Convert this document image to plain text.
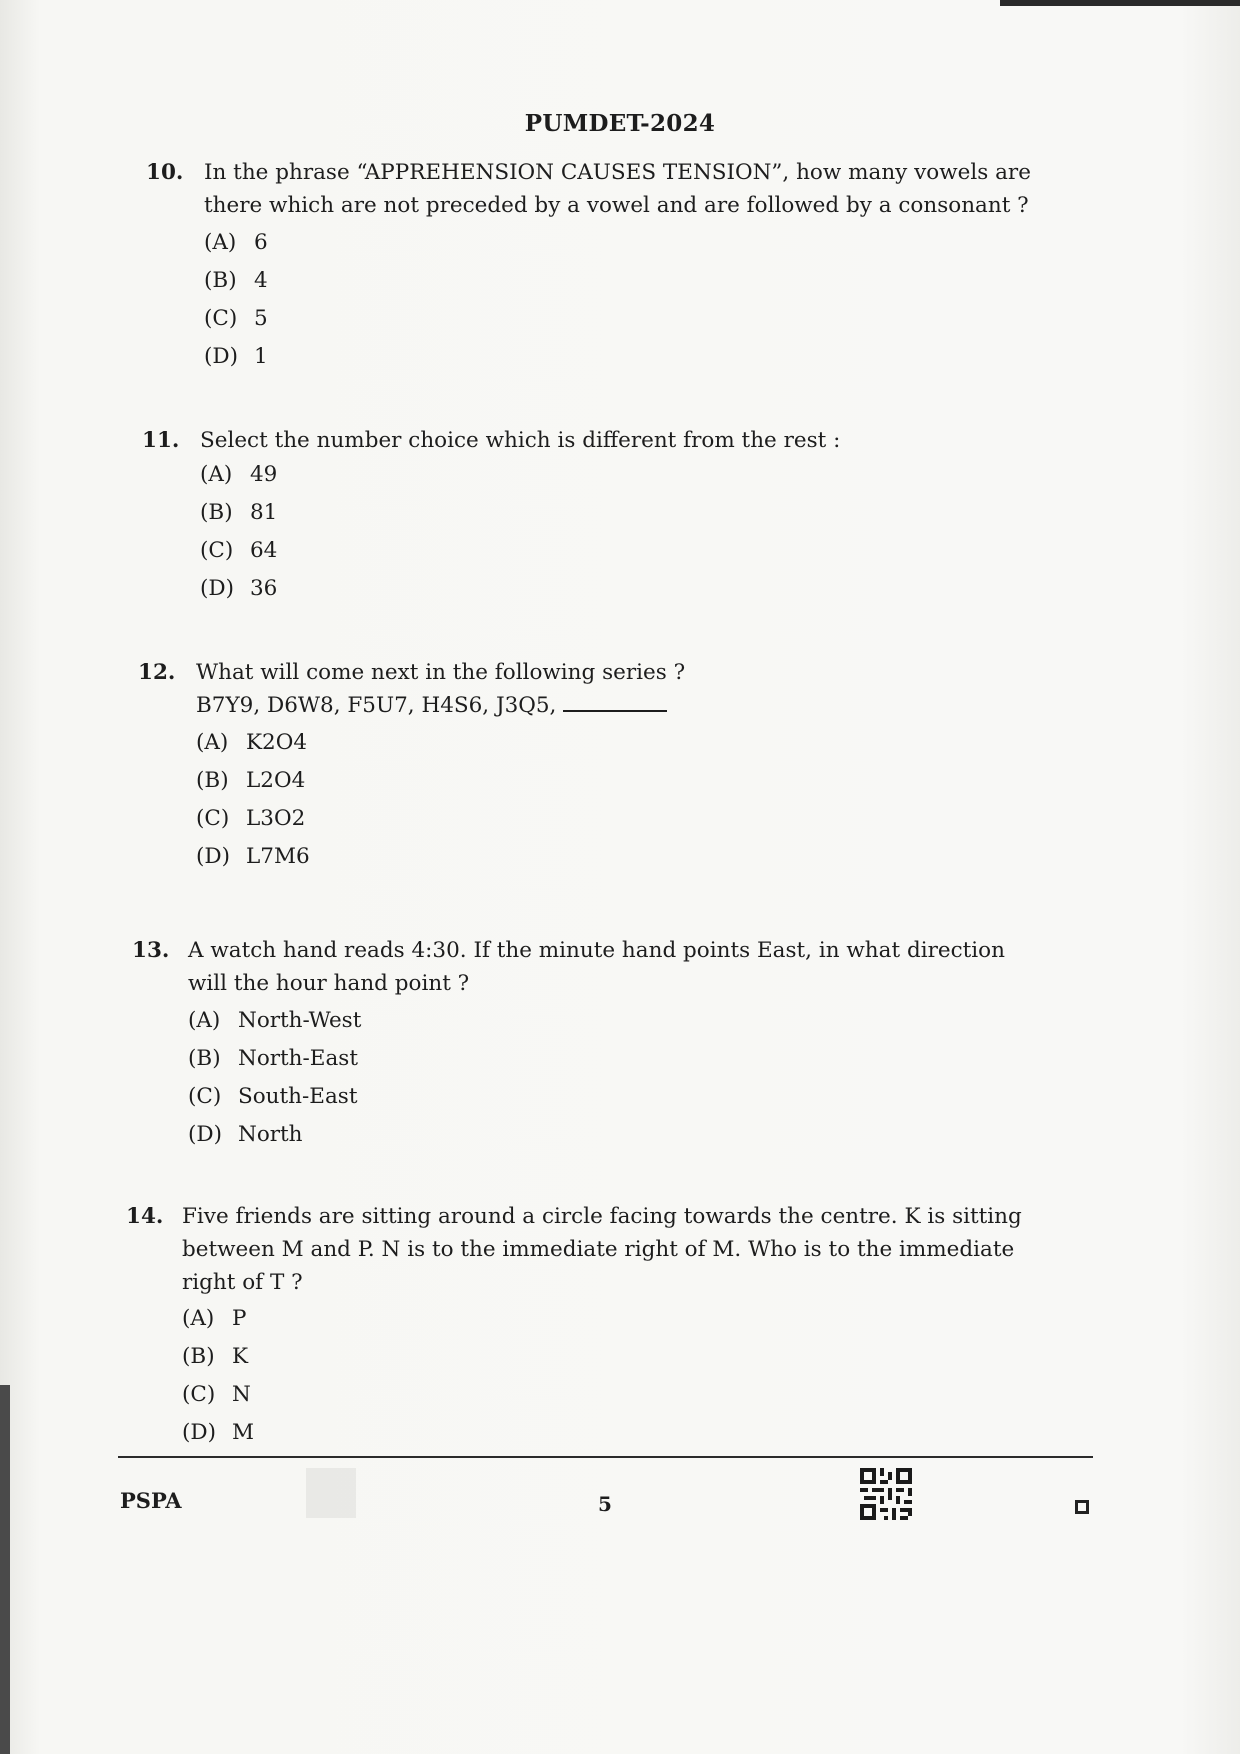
PUMDET-2024
10. In the phrase “APPREHENSION CAUSES TENSION”, how many vowels are
there which are not preceded by a vowel and are followed by a consonant ?
(A) 6
(B) 4
(C) 5
(D) 1
11. Select the number choice which is different from the rest :
(A) 49
(B) 81
(C) 64
(D) 36
12. What will come next in the following series ?
B7Y9, D6W8, F5U7, H4S6, J3Q5,
(A) K2O4
(B) L2O4
(C) L3O2
(D) L7M6
13. A watch hand reads 4:30. If the minute hand points East, in what direction
will the hour hand point ?
(A) North-West
(B) North-East
(C) South-East
(D) North
14. Five friends are sitting around a circle facing towards the centre. K is sitting
between M and P. N is to the immediate right of M. Who is to the immediate
right of T ?
(A) P
(B) K
(C) N
(D) M
PSPA	5
